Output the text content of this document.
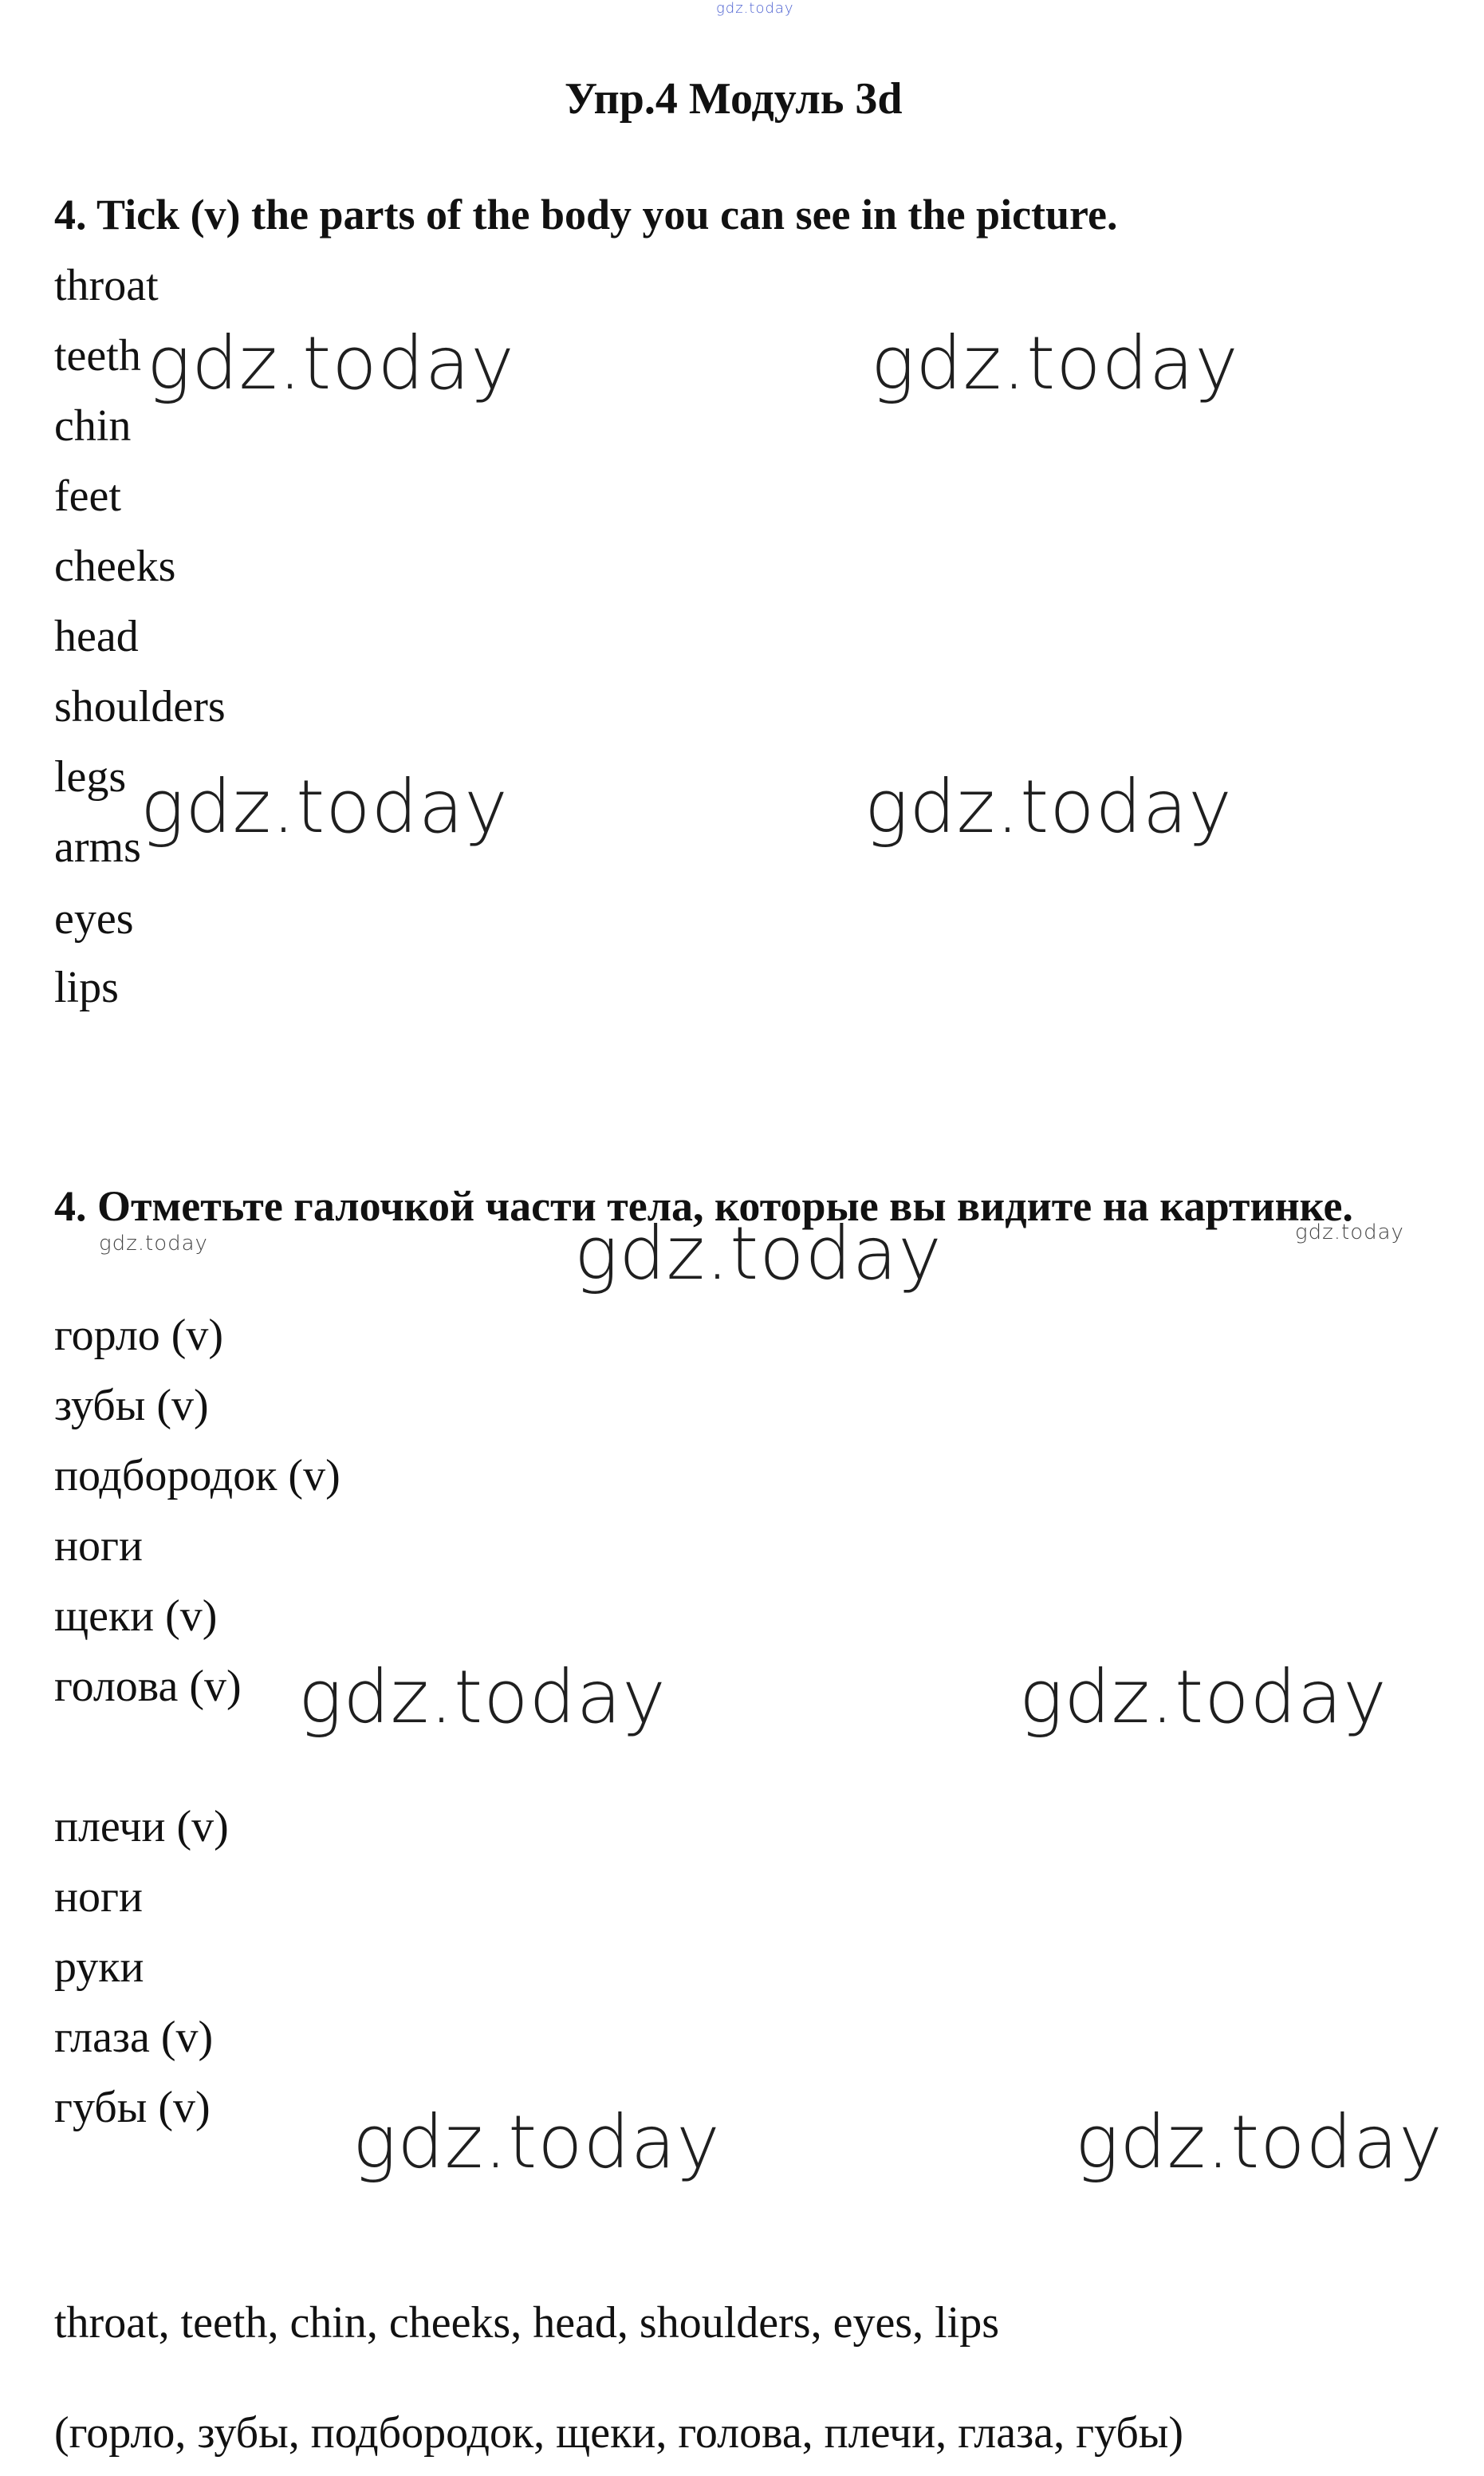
gdz.today
Упр.4 Модуль 3d
4. Tick (v) the parts of the body you can see in the picture.
throat
teeth
chin
feet
cheeks
head
shoulders
legs
arms
eyes
lips
4. Отметьте галочкой части тела, которые вы видите на картинке.
горло (v)
зубы (v)
подбородок (v)
ноги
щеки (v)
голова (v)
плечи (v)
ноги
руки
глаза (v)
губы (v)
throat, teeth, chin, cheeks, head, shoulders, eyes, lips
(горло, зубы, подбородок, щеки, голова, плечи, глаза, губы)
gdz.today	gdz.today
gdz.today	gdz.today
gdz.today
gdz.today	gdz.today
gdz.today	gdz.today
gdz.today	gdz.today
